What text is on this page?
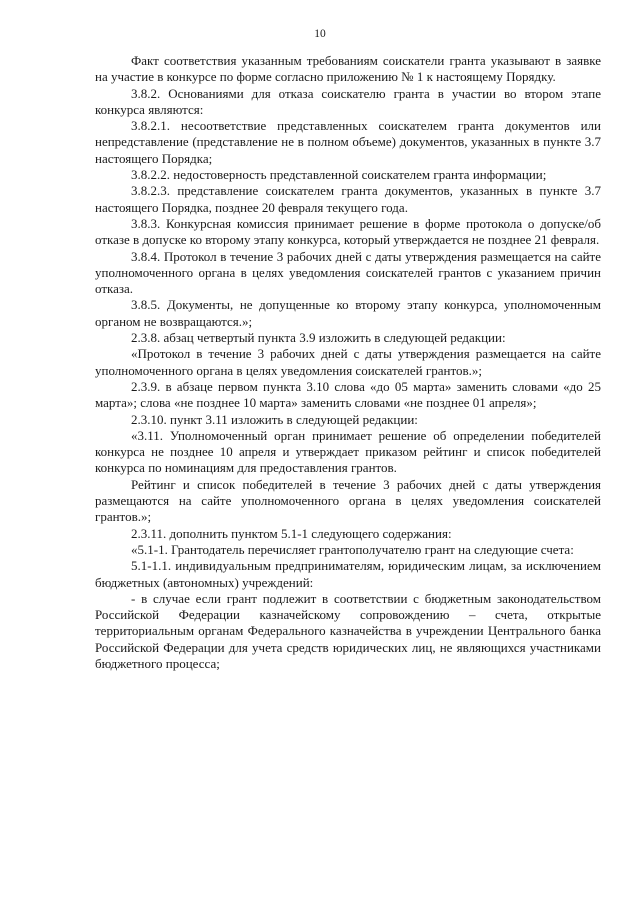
10

Факт соответствия указанным требованиям соискатели гранта указывают в заявке на участие в конкурсе по форме согласно приложению № 1 к настоящему Порядку.

3.8.2. Основаниями для отказа соискателю гранта в участии во втором этапе конкурса являются:

3.8.2.1. несоответствие представленных соискателем гранта документов или непредставление (представление не в полном объеме) документов, указанных в пункте 3.7 настоящего Порядка;

3.8.2.2. недостоверность представленной соискателем гранта информации;

3.8.2.3. представление соискателем гранта документов, указанных в пункте 3.7 настоящего Порядка, позднее 20 февраля текущего года.

3.8.3. Конкурсная комиссия принимает решение в форме протокола о допуске/об отказе в допуске ко второму этапу конкурса, который утверждается не позднее 21 февраля.

3.8.4. Протокол в течение 3 рабочих дней с даты утверждения размещается на сайте уполномоченного органа в целях уведомления соискателей грантов с указанием причин отказа.

3.8.5. Документы, не допущенные ко второму этапу конкурса, уполномоченным органом не возвращаются.»;

2.3.8. абзац четвертый пункта 3.9 изложить в следующей редакции:

«Протокол в течение 3 рабочих дней с даты утверждения размещается на сайте уполномоченного органа в целях уведомления соискателей грантов.»;

2.3.9. в абзаце первом пункта 3.10 слова «до 05 марта» заменить словами «до 25 марта»; слова «не позднее 10 марта» заменить словами «не позднее 01 апреля»;

2.3.10. пункт 3.11 изложить в следующей редакции:

«3.11. Уполномоченный орган принимает решение об определении победителей конкурса не позднее 10 апреля и утверждает приказом рейтинг и список победителей конкурса по номинациям для предоставления грантов.

Рейтинг и список победителей в течение 3 рабочих дней с даты утверждения размещаются на сайте уполномоченного органа в целях уведомления соискателей грантов.»;

2.3.11. дополнить пунктом 5.1-1 следующего содержания:

«5.1-1. Грантодатель перечисляет грантополучателю грант на следующие счета:

5.1-1.1. индивидуальным предпринимателям, юридическим лицам, за исключением бюджетных (автономных) учреждений:

- в случае если грант подлежит в соответствии с бюджетным законодательством Российской Федерации казначейскому сопровождению – счета, открытые территориальным органам Федерального казначейства в учреждении Центрального банка Российской Федерации для учета средств юридических лиц, не являющихся участниками бюджетного процесса;
